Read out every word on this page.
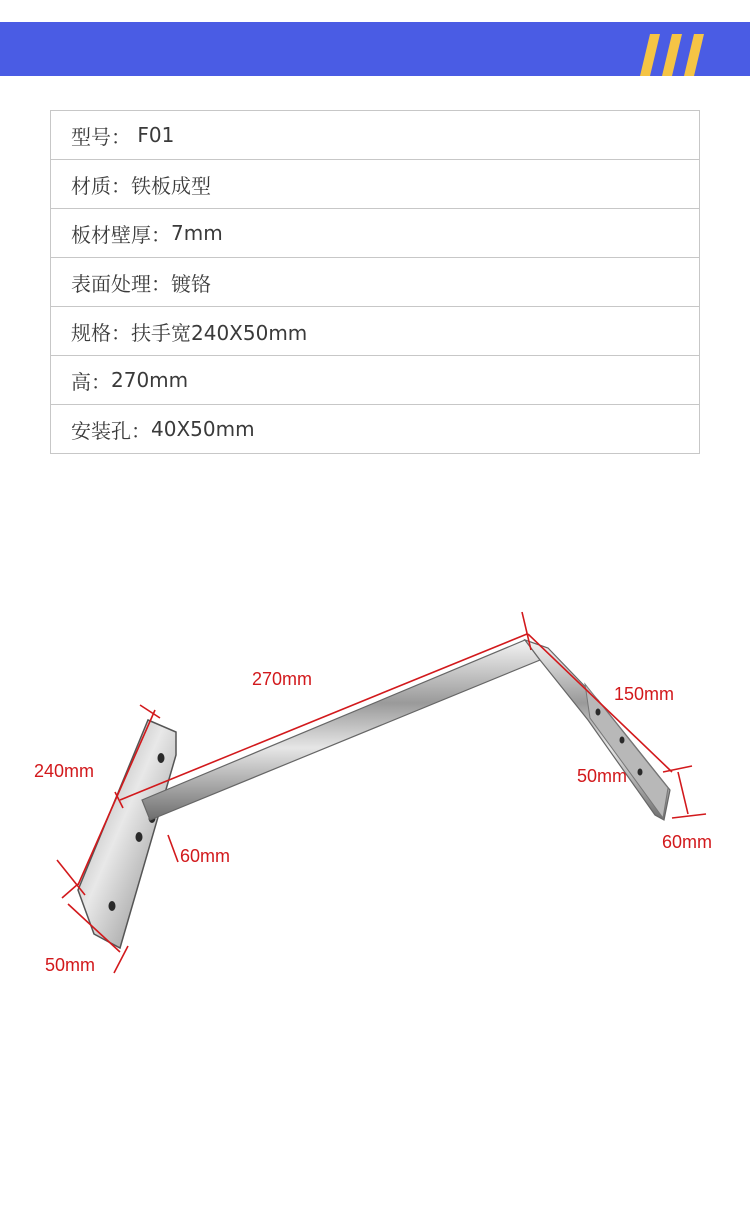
型号： F01
材质： 铁板成型
板材壁厚： 7mm
表面处理： 镀铬
规格： 扶手宽240X50mm
高： 270mm
安装孔： 40X50mm
270mm
240mm
50mm
60mm
150mm
50mm
60mm
